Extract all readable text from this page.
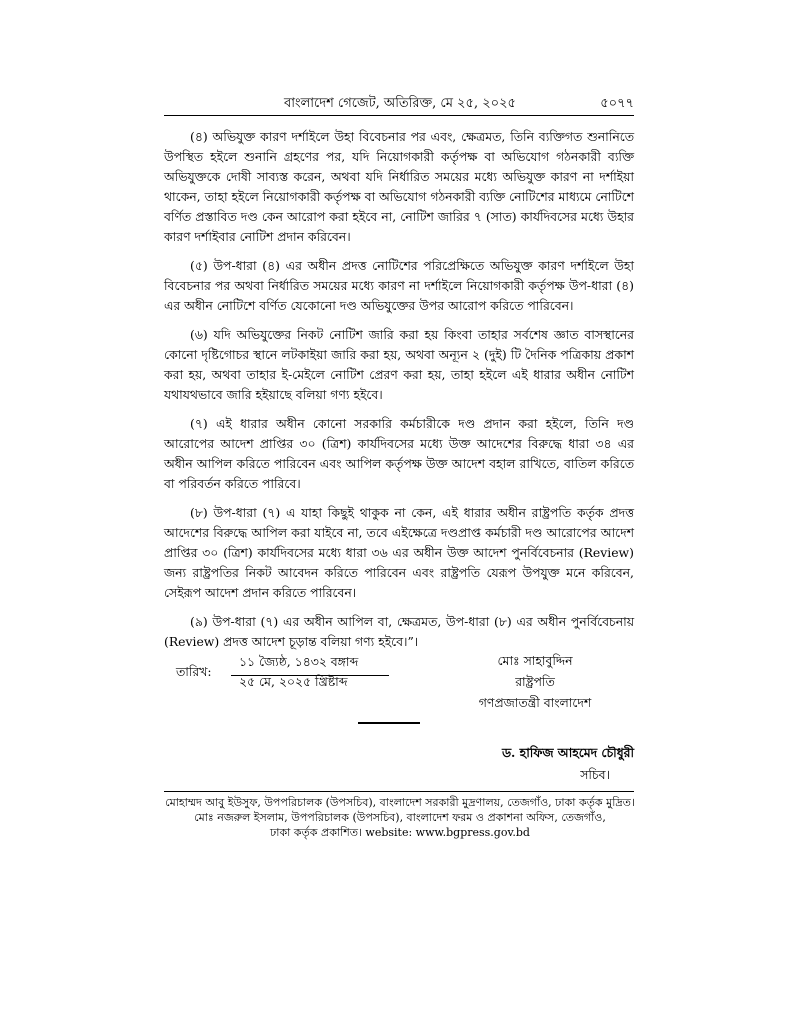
বাংলাদেশ গেজেট, অতিরিক্ত, মে ২৫, ২০২৫	৫০৭৭

(৪) অভিযুক্ত কারণ দর্শাইলে উহা বিবেচনার পর এবং, ক্ষেত্রমত, তিনি ব্যক্তিগত শুনানিতে উপস্থিত হইলে শুনানি গ্রহণের পর, যদি নিয়োগকারী কর্তৃপক্ষ বা অভিযোগ গঠনকারী ব্যক্তি অভিযুক্তকে দোষী সাব্যস্ত করেন, অথবা যদি নির্ধারিত সময়ের মধ্যে অভিযুক্ত কারণ না দর্শাইয়া থাকেন, তাহা হইলে নিয়োগকারী কর্তৃপক্ষ বা অভিযোগ গঠনকারী ব্যক্তি নোটিশের মাধ্যমে নোটিশে বর্ণিত প্রস্তাবিত দণ্ড কেন আরোপ করা হইবে না, নোটিশ জারির ৭ (সাত) কার্যদিবসের মধ্যে উহার কারণ দর্শাইবার নোটিশ প্রদান করিবেন।

(৫) উপ-ধারা (৪) এর অধীন প্রদত্ত নোটিশের পরিপ্রেক্ষিতে অভিযুক্ত কারণ দর্শাইলে উহা বিবেচনার পর অথবা নির্ধারিত সময়ের মধ্যে কারণ না দর্শাইলে নিয়োগকারী কর্তৃপক্ষ উপ-ধারা (৪) এর অধীন নোটিশে বর্ণিত যেকোনো দণ্ড অভিযুক্তের উপর আরোপ করিতে পারিবেন।

(৬) যদি অভিযুক্তের নিকট নোটিশ জারি করা হয় কিংবা তাহার সর্বশেষ জ্ঞাত বাসস্থানের কোনো দৃষ্টিগোচর স্থানে লটকাইয়া জারি করা হয়, অথবা অন্যূন ২ (দুই) টি দৈনিক পত্রিকায় প্রকাশ করা হয়, অথবা তাহার ই-মেইলে নোটিশ প্রেরণ করা হয়, তাহা হইলে এই ধারার অধীন নোটিশ যথাযথভাবে জারি হইয়াছে বলিয়া গণ্য হইবে।

(৭) এই ধারার অধীন কোনো সরকারি কর্মচারীকে দণ্ড প্রদান করা হইলে, তিনি দণ্ড আরোপের আদেশ প্রাপ্তির ৩০ (ত্রিশ) কার্যদিবসের মধ্যে উক্ত আদেশের বিরুদ্ধে ধারা ৩৪ এর অধীন আপিল করিতে পারিবেন এবং আপিল কর্তৃপক্ষ উক্ত আদেশ বহাল রাখিতে, বাতিল করিতে বা পরিবর্তন করিতে পারিবে।

(৮) উপ-ধারা (৭) এ যাহা কিছুই থাকুক না কেন, এই ধারার অধীন রাষ্ট্রপতি কর্তৃক প্রদত্ত আদেশের বিরুদ্ধে আপিল করা যাইবে না, তবে এইক্ষেত্রে দণ্ডপ্রাপ্ত কর্মচারী দণ্ড আরোপের আদেশ প্রাপ্তির ৩০ (ত্রিশ) কার্যদিবসের মধ্যে ধারা ৩৬ এর অধীন উক্ত আদেশ পুনর্বিবেচনার (Review) জন্য রাষ্ট্রপতির নিকট আবেদন করিতে পারিবেন এবং রাষ্ট্রপতি যেরূপ উপযুক্ত মনে করিবেন, সেইরূপ আদেশ প্রদান করিতে পারিবেন।

(৯) উপ-ধারা (৭) এর অধীন আপিল বা, ক্ষেত্রমত, উপ-ধারা (৮) এর অধীন পুনর্বিবেচনায় (Review) প্রদত্ত আদেশ চূড়ান্ত বলিয়া গণ্য হইবে।”।

তারিখ:
১১ জ্যৈষ্ঠ, ১৪৩২ বঙ্গাব্দ
২৫ মে, ২০২৫ খ্রিষ্টাব্দ
মোঃ সাহাবুদ্দিন
রাষ্ট্রপতি
গণপ্রজাতন্ত্রী বাংলাদেশ
ড. হাফিজ আহমেদ চৌধুরী
সচিব।
মোহাম্মদ আবু ইউসুফ, উপপরিচালক (উপসচিব), বাংলাদেশ সরকারী মুদ্রণালয়, তেজগাঁও, ঢাকা কর্তৃক মুদ্রিত।
মোঃ নজরুল ইসলাম, উপপরিচালক (উপসচিব), বাংলাদেশ ফরম ও প্রকাশনা অফিস, তেজগাঁও,
ঢাকা কর্তৃক প্রকাশিত। website: www.bgpress.gov.bd
